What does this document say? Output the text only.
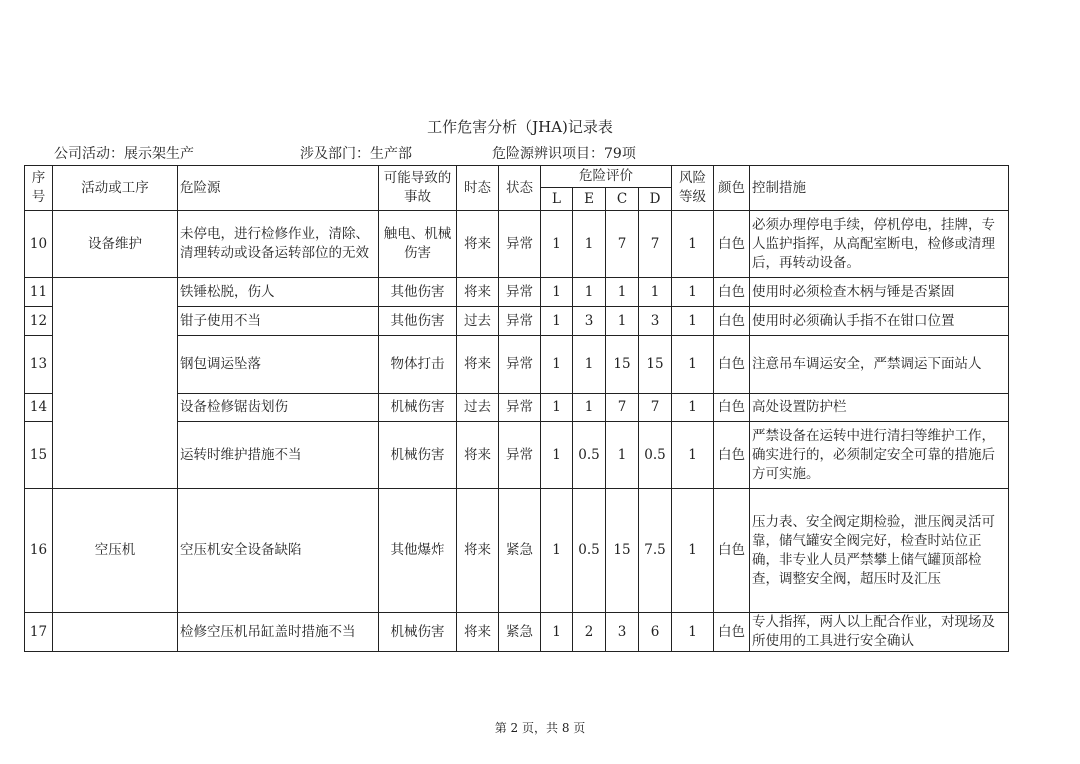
工作危害分析（JHA)记录表
公司活动：展示架生产	涉及部门：生产部	危险源辨识项目：79项
序号	活动或工序	危险源	可能导致的事故	时态	状态	危险评价				风险等级	颜色	控制措施
						L	E	C	D			
10	设备维护	未停电，进行检修作业，清除、清理转动或设备运转部位的无效	触电、机械伤害	将来	异常	1	1	7	7	1	白色	必须办理停电手续，停机停电，挂牌，专人监护指挥，从高配室断电，检修或清理后，再转动设备。
11		铁锤松脱，伤人	其他伤害	将来	异常	1	1	1	1	1	白色	使用时必须检查木柄与锤是否紧固
12		钳子使用不当	其他伤害	过去	异常	1	3	1	3	1	白色	使用时必须确认手指不在钳口位置
13		钢包调运坠落	物体打击	将来	异常	1	1	15	15	1	白色	注意吊车调运安全，严禁调运下面站人
14		设备检修锯齿划伤	机械伤害	过去	异常	1	1	7	7	1	白色	高处设置防护栏
15		运转时维护措施不当	机械伤害	将来	异常	1	0.5	1	0.5	1	白色	严禁设备在运转中进行清扫等维护工作，确实进行的，必须制定安全可靠的措施后方可实施。
16	空压机	空压机安全设备缺陷	其他爆炸	将来	紧急	1	0.5	15	7.5	1	白色	压力表、安全阀定期检验，泄压阀灵活可靠，储气罐安全阀完好，检查时站位正确，非专业人员严禁攀上储气罐顶部检查，调整安全阀，超压时及汇压
17		检修空压机吊缸盖时措施不当	机械伤害	将来	紧急	1	2	3	6	1	白色	专人指挥，两人以上配合作业，对现场及所使用的工具进行安全确认
第 2 页，共 8 页
